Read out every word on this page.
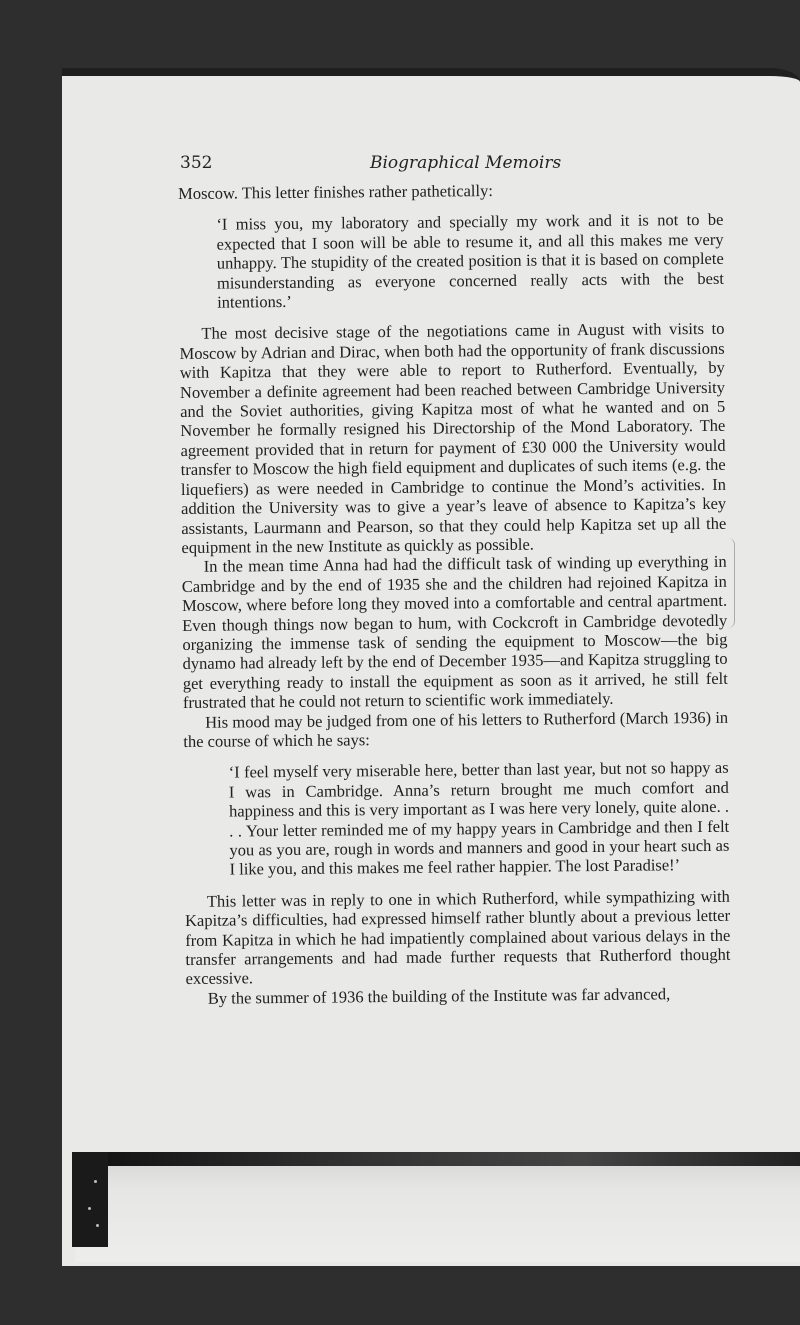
352	Biographical Memoirs

Moscow. This letter finishes rather pathetically:

‘I miss you, my laboratory and specially my work and it is not to be expected that I soon will be able to resume it, and all this makes me very unhappy. The stupidity of the created position is that it is based on complete misunderstanding as everyone concerned really acts with the best intentions.’

The most decisive stage of the negotiations came in August with visits to Moscow by Adrian and Dirac, when both had the opportunity of frank discussions with Kapitza that they were able to report to Rutherford. Eventually, by November a definite agreement had been reached between Cambridge University and the Soviet authorities, giving Kapitza most of what he wanted and on 5 November he formally resigned his Directorship of the Mond Laboratory. The agreement provided that in return for payment of £30 000 the University would transfer to Moscow the high field equipment and duplicates of such items (e.g. the liquefiers) as were needed in Cambridge to continue the Mond’s activities. In addition the University was to give a year’s leave of absence to Kapitza’s key assistants, Laurmann and Pearson, so that they could help Kapitza set up all the equipment in the new Institute as quickly as possible.

In the mean time Anna had had the difficult task of winding up everything in Cambridge and by the end of 1935 she and the children had rejoined Kapitza in Moscow, where before long they moved into a comfortable and central apartment. Even though things now began to hum, with Cockcroft in Cambridge devotedly organizing the immense task of sending the equipment to Moscow—the big dynamo had already left by the end of December 1935—and Kapitza struggling to get everything ready to install the equipment as soon as it arrived, he still felt frustrated that he could not return to scientific work immediately.

His mood may be judged from one of his letters to Rutherford (March 1936) in the course of which he says:

‘I feel myself very miserable here, better than last year, but not so happy as I was in Cambridge. Anna’s return brought me much comfort and happiness and this is very important as I was here very lonely, quite alone. . . . Your letter reminded me of my happy years in Cambridge and then I felt you as you are, rough in words and manners and good in your heart such as I like you, and this makes me feel rather happier. The lost Paradise!’

This letter was in reply to one in which Rutherford, while sympathizing with Kapitza’s difficulties, had expressed himself rather bluntly about a previous letter from Kapitza in which he had impatiently complained about various delays in the transfer arrangements and had made further requests that Rutherford thought excessive.

By the summer of 1936 the building of the Institute was far advanced,
